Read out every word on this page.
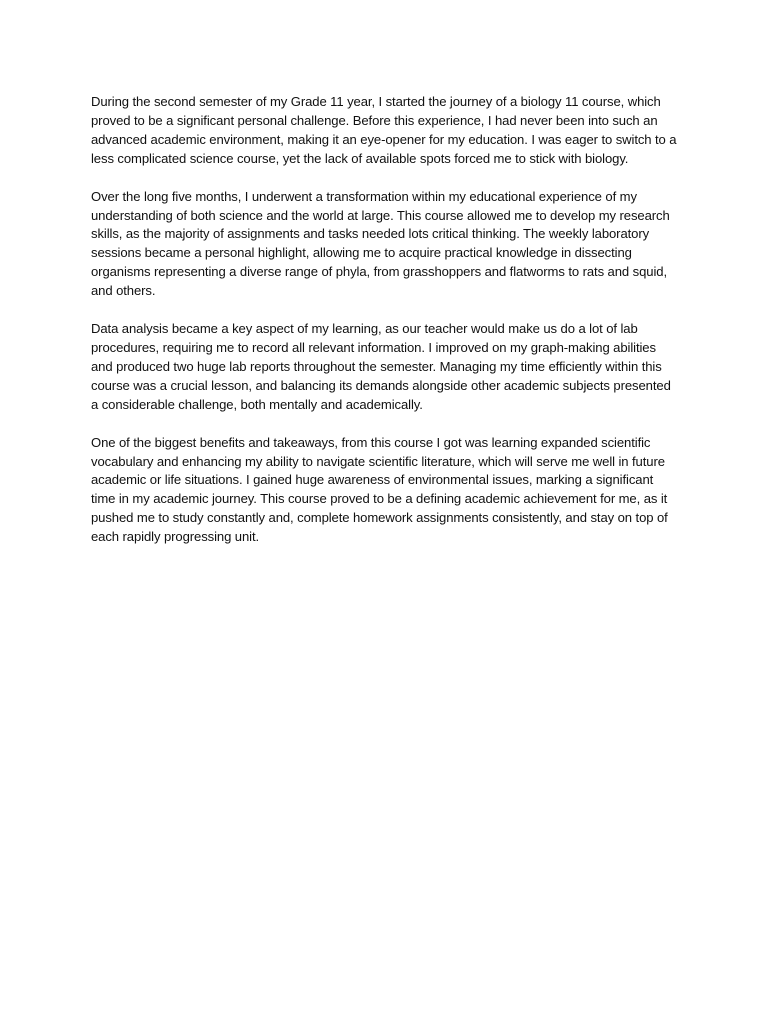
During the second semester of my Grade 11 year, I started the journey of a biology 11 course, which proved to be a significant personal challenge. Before this experience, I had never been into such an advanced academic environment, making it an eye-opener for my education. I was eager to switch to a less complicated science course, yet the lack of available spots forced me to stick with biology.

Over the long five months, I underwent a transformation within my educational experience of my understanding of both science and the world at large. This course allowed me to develop my research skills, as the majority of assignments and tasks needed lots critical thinking. The weekly laboratory sessions became a personal highlight, allowing me to acquire practical knowledge in dissecting organisms representing a diverse range of phyla, from grasshoppers and flatworms to rats and squid, and others.

Data analysis became a key aspect of my learning, as our teacher would make us do a lot of lab procedures, requiring me to record all relevant information. I improved on my graph-making abilities and produced two huge lab reports throughout the semester. Managing my time efficiently within this course was a crucial lesson, and balancing its demands alongside other academic subjects presented a considerable challenge, both mentally and academically.

One of the biggest benefits and takeaways, from this course I got was learning expanded scientific vocabulary and enhancing my ability to navigate scientific literature, which will serve me well in future academic or life situations. I gained huge awareness of environmental issues, marking a significant time in my academic journey. This course proved to be a defining academic achievement for me, as it pushed me to study constantly and, complete homework assignments consistently, and stay on top of each rapidly progressing unit.
